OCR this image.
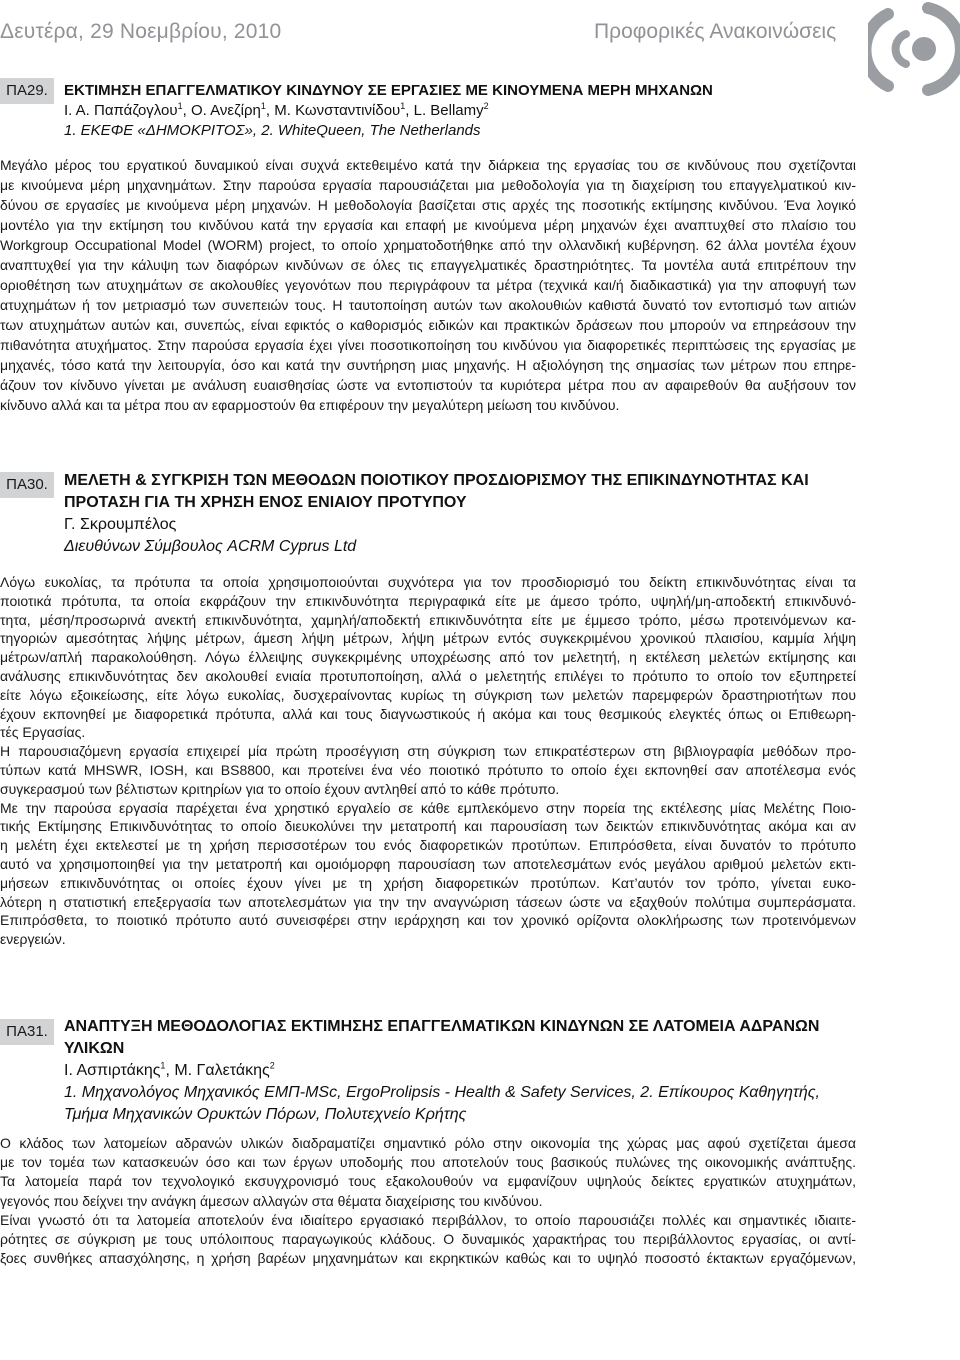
Δευτέρα, 29 Νοεμβρίου, 2010	Προφορικές Ανακοινώσεις
ΠΑ29.	ΕΚΤΙΜΗΣΗ ΕΠΑΓΓΕΛΜΑΤΙΚΟΥ ΚΙΝΔΥΝΟΥ ΣΕ ΕΡΓΑΣΙΕΣ ΜΕ ΚΙΝΟΥΜΕΝΑ ΜΕΡΗ ΜΗΧΑΝΩΝ
Ι. Α. Παπάζογλου$^1$, Ο. Ανεζίρη$^1$, Μ. Κωνσταντινίδου$^1$, L. Bellamy$^2$
1. ΕΚΕΦΕ «ΔΗΜΟΚΡΙΤΟΣ», 2. WhiteQueen, The Netherlands
Μεγάλο μέρος του εργατικού δυναμικού είναι συχνά εκτεθειμένο κατά την διάρκεια της εργασίας του σε κινδύνους που σχετίζονται
με κινούμενα μέρη μηχανημάτων. Στην παρούσα εργασία παρουσιάζεται μια μεθοδολογία για τη διαχείριση του επαγγελματικού κιν-
δύνου σε εργασίες με κινούμενα μέρη μηχανών. Η μεθοδολογία βασίζεται στις αρχές της ποσοτικής εκτίμησης κινδύνου. Ένα λογικό
μοντέλο για την εκτίμηση του κινδύνου κατά την εργασία και επαφή με κινούμενα μέρη μηχανών έχει αναπτυχθεί στο πλαίσιο του
Workgroup Occupational Model (WORM) project, το οποίο χρηματοδοτήθηκε από την ολλανδική κυβέρνηση. 62 άλλα μοντέλα έχουν
αναπτυχθεί για την κάλυψη των διαφόρων κινδύνων σε όλες τις επαγγελματικές δραστηριότητες. Τα μοντέλα αυτά επιτρέπουν την
οριοθέτηση των ατυχημάτων σε ακολουθίες γεγονότων που περιγράφουν τα μέτρα (τεχνικά και/ή διαδικαστικά) για την αποφυγή των
ατυχημάτων ή τον μετριασμό των συνεπειών τους. Η ταυτοποίηση αυτών των ακολουθιών καθιστά δυνατό τον εντοπισμό των αιτιών
των ατυχημάτων αυτών και, συνεπώς, είναι εφικτός ο καθορισμός ειδικών και πρακτικών δράσεων που μπορούν να επηρεάσουν την
πιθανότητα ατυχήματος. Στην παρούσα εργασία έχει γίνει ποσοτικοποίηση του κινδύνου για διαφορετικές περιπτώσεις της εργασίας με
μηχανές, τόσο κατά την λειτουργία, όσο και κατά την συντήρηση μιας μηχανής. Η αξιολόγηση της σημασίας των μέτρων που επηρε-
άζουν τον κίνδυνο γίνεται με ανάλυση ευαισθησίας ώστε να εντοπιστούν τα κυριότερα μέτρα που αν αφαιρεθούν θα αυξήσουν τον
κίνδυνο αλλά και τα μέτρα που αν εφαρμοστούν θα επιφέρουν την μεγαλύτερη μείωση του κινδύνου.
ΠΑ30.	ΜΕΛΕΤΗ & ΣΥΓΚΡΙΣΗ ΤΩΝ ΜΕΘΟΔΩΝ ΠΟΙΟΤΙΚΟΥ ΠΡΟΣΔΙΟΡΙΣΜΟΥ ΤΗΣ ΕΠΙΚΙΝΔΥΝΟΤΗΤΑΣ ΚΑΙ
ΠΡΟΤΑΣΗ ΓΙΑ ΤΗ ΧΡΗΣΗ ΕΝΟΣ ΕΝΙΑΙΟΥ ΠΡΟΤΥΠΟΥ
Γ. Σκρουμπέλος
Διευθύνων Σύμβουλος ACRM Cyprus Ltd
Λόγω ευκολίας, τα πρότυπα τα οποία χρησιμοποιούνται συχνότερα για τον προσδιορισμό του δείκτη επικινδυνότητας είναι τα
ποιοτικά πρότυπα, τα οποία εκφράζουν την επικινδυνότητα περιγραφικά είτε με άμεσο τρόπο, υψηλή/μη-αποδεκτή επικινδυνό-
τητα, μέση/προσωρινά ανεκτή επικινδυνότητα, χαμηλή/αποδεκτή επικινδυνότητα είτε με έμμεσο τρόπο, μέσω προτεινόμενων κα-
τηγοριών αμεσότητας λήψης μέτρων, άμεση λήψη μέτρων, λήψη μέτρων εντός συγκεκριμένου χρονικού πλαισίου, καμμία λήψη
μέτρων/απλή παρακολούθηση. Λόγω έλλειψης συγκεκριμένης υποχρέωσης από τον μελετητή, η εκτέλεση μελετών εκτίμησης και
ανάλυσης επικινδυνότητας δεν ακολουθεί ενιαία προτυποποίηση, αλλά ο μελετητής επιλέγει το πρότυπο το οποίο τον εξυπηρετεί
είτε λόγω εξοικείωσης, είτε λόγω ευκολίας, δυσχεραίνοντας κυρίως τη σύγκριση των μελετών παρεμφερών δραστηριοτήτων που
έχουν εκπονηθεί με διαφορετικά πρότυπα, αλλά και τους διαγνωστικούς ή ακόμα και τους θεσμικούς ελεγκτές όπως οι Επιθεωρη-
τές Εργασίας.
Η παρουσιαζόμενη εργασία επιχειρεί μία πρώτη προσέγγιση στη σύγκριση των επικρατέστερων στη βιβλιογραφία μεθόδων προ-
τύπων κατά MHSWR, IOSH, και BS8800, και προτείνει ένα νέο ποιοτικό πρότυπο το οποίο έχει εκπονηθεί σαν αποτέλεσμα ενός
συγκερασμού των βέλτιστων κριτηρίων για το οποίο έχουν αντληθεί από το κάθε πρότυπο.
Με την παρούσα εργασία παρέχεται ένα χρηστικό εργαλείο σε κάθε εμπλεκόμενο στην πορεία της εκτέλεσης μίας Μελέτης Ποιο-
τικής Εκτίμησης Επικινδυνότητας το οποίο διευκολύνει την μετατροπή και παρουσίαση των δεικτών επικινδυνότητας ακόμα και αν
η μελέτη έχει εκτελεστεί με τη χρήση περισσοτέρων του ενός διαφορετικών προτύπων. Επιπρόσθετα, είναι δυνατόν το πρότυπο
αυτό να χρησιμοποιηθεί για την μετατροπή και ομοιόμορφη παρουσίαση των αποτελεσμάτων ενός μεγάλου αριθμού μελετών εκτι-
μήσεων επικινδυνότητας οι οποίες έχουν γίνει με τη χρήση διαφορετικών προτύπων. Κατ’αυτόν τον τρόπο, γίνεται ευκο-
λότερη η στατιστική επεξεργασία των αποτελεσμάτων για την την αναγνώριση τάσεων ώστε να εξαχθούν πολύτιμα συμπεράσματα.
Επιπρόσθετα, το ποιοτικό πρότυπο αυτό συνεισφέρει στην ιεράρχηση και τον χρονικό ορίζοντα ολοκλήρωσης των προτεινόμενων
ενεργειών.
ΠΑ31.	ΑΝΑΠΤΥΞΗ ΜΕΘΟΔΟΛΟΓΙΑΣ ΕΚΤΙΜΗΣΗΣ ΕΠΑΓΓΕΛΜΑΤΙΚΩΝ ΚΙΝΔΥΝΩΝ ΣΕ ΛΑΤΟΜΕΙΑ ΑΔΡΑΝΩΝ
ΥΛΙΚΩΝ
Ι. Ασπιρτάκης$^1$, Μ. Γαλετάκης$^2$
1. Μηχανολόγος Μηχανικός ΕΜΠ-MSc, ErgoProlipsis - Health & Safety Services, 2. Επίκουρος Καθηγητής,
Τμήμα Μηχανικών Ορυκτών Πόρων, Πολυτεχνείο Κρήτης
Ο κλάδος των λατομείων αδρανών υλικών διαδραματίζει σημαντικό ρόλο στην οικονομία της χώρας μας αφού σχετίζεται άμεσα
με τον τομέα των κατασκευών όσο και των έργων υποδομής που αποτελούν τους βασικούς πυλώνες της οικονομικής ανάπτυξης.
Τα λατομεία παρά τον τεχνολογικό εκσυγχρονισμό τους εξακολουθούν να εμφανίζουν υψηλούς δείκτες εργατικών ατυχημάτων,
γεγονός που δείχνει την ανάγκη άμεσων αλλαγών στα θέματα διαχείρισης του κινδύνου.
Είναι γνωστό ότι τα λατομεία αποτελούν ένα ιδιαίτερο εργασιακό περιβάλλον, το οποίο παρουσιάζει πολλές και σημαντικές ιδιαιτε-
ρότητες σε σύγκριση με τους υπόλοιπους παραγωγικούς κλάδους. Ο δυναμικός χαρακτήρας του περιβάλλοντος εργασίας, οι αντί-
ξοες συνθήκες απασχόλησης, η χρήση βαρέων μηχανημάτων και εκρηκτικών καθώς και το υψηλό ποσοστό έκτακτων εργαζόμενων,
